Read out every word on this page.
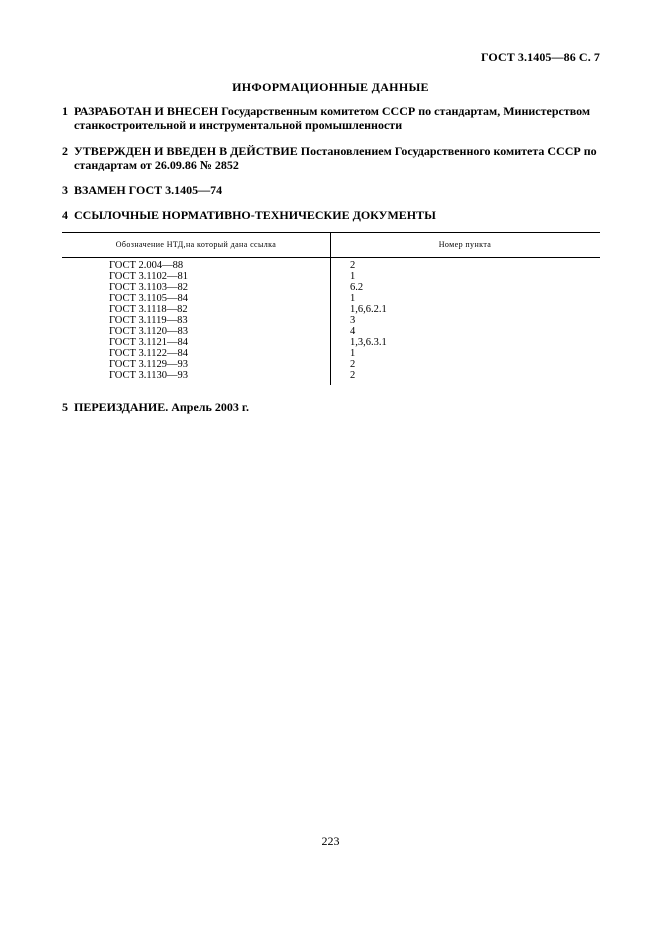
ГОСТ 3.1405—86 С. 7
ИНФОРМАЦИОННЫЕ ДАННЫЕ
1 РАЗРАБОТАН И ВНЕСЕН Государственным комитетом СССР по стандартам, Министерством
станкостроительной и инструментальной промышленности
2 УТВЕРЖДЕН И ВВЕДЕН В ДЕЙСТВИЕ Постановлением Государственного комитета СССР по
стандартам от 26.09.86 № 2852
3 ВЗАМЕН ГОСТ 3.1405—74
4 ССЫЛОЧНЫЕ НОРМАТИВНО-ТЕХНИЧЕСКИЕ ДОКУМЕНТЫ
Обозначение НТД,на который дана ссылка	Номер пункта
ГОСТ 2.004—88	2
ГОСТ 3.1102—81	1
ГОСТ 3.1103—82	6.2
ГОСТ 3.1105—84	1
ГОСТ 3.1118—82	1,6,6.2.1
ГОСТ 3.1119—83	3
ГОСТ 3.1120—83	4
ГОСТ 3.1121—84	1,3,6.3.1
ГОСТ 3.1122—84	1
ГОСТ 3.1129—93	2
ГОСТ 3.1130—93	2
5 ПЕРЕИЗДАНИЕ. Апрель 2003 г.
223
